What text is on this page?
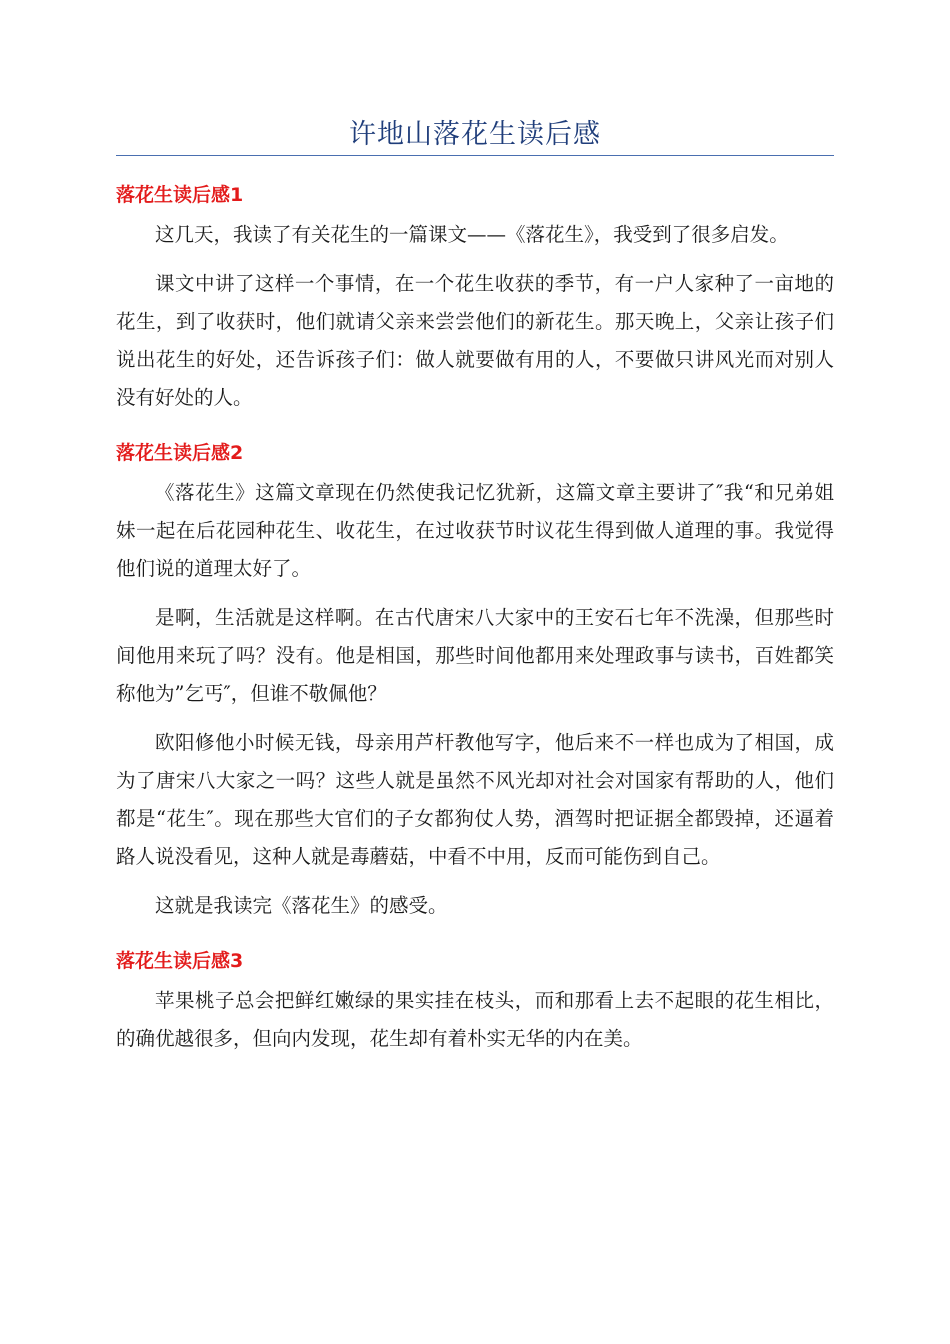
许地山落花生读后感
落花生读后感1

这几天，我读了有关花生的一篇课文——《落花生》，我受到了很多启发。

课文中讲了这样一个事情，在一个花生收获的季节，有一户人家种了一亩地的花生，到了收获时，他们就请父亲来尝尝他们的新花生。那天晚上，父亲让孩子们说出花生的好处，还告诉孩子们：做人就要做有用的人，不要做只讲风光而对别人没有好处的人。

落花生读后感2

《落花生》这篇文章现在仍然使我记忆犹新，这篇文章主要讲了″我“和兄弟姐妹一起在后花园种花生、收花生，在过收获节时议花生得到做人道理的事。我觉得他们说的道理太好了。

是啊，生活就是这样啊。在古代唐宋八大家中的王安石七年不洗澡，但那些时间他用来玩了吗？没有。他是相国，那些时间他都用来处理政事与读书，百姓都笑称他为”乞丐″，但谁不敬佩他？

欧阳修他小时候无钱，母亲用芦杆教他写字，他后来不一样也成为了相国，成为了唐宋八大家之一吗？这些人就是虽然不风光却对社会对国家有帮助的人，他们都是“花生″。现在那些大官们的子女都狗仗人势，酒驾时把证据全都毁掉，还逼着路人说没看见，这种人就是毒蘑菇，中看不中用，反而可能伤到自己。

这就是我读完《落花生》的感受。

落花生读后感3

苹果桃子总会把鲜红嫩绿的果实挂在枝头，而和那看上去不起眼的花生相比，的确优越很多，但向内发现，花生却有着朴实无华的内在美。
